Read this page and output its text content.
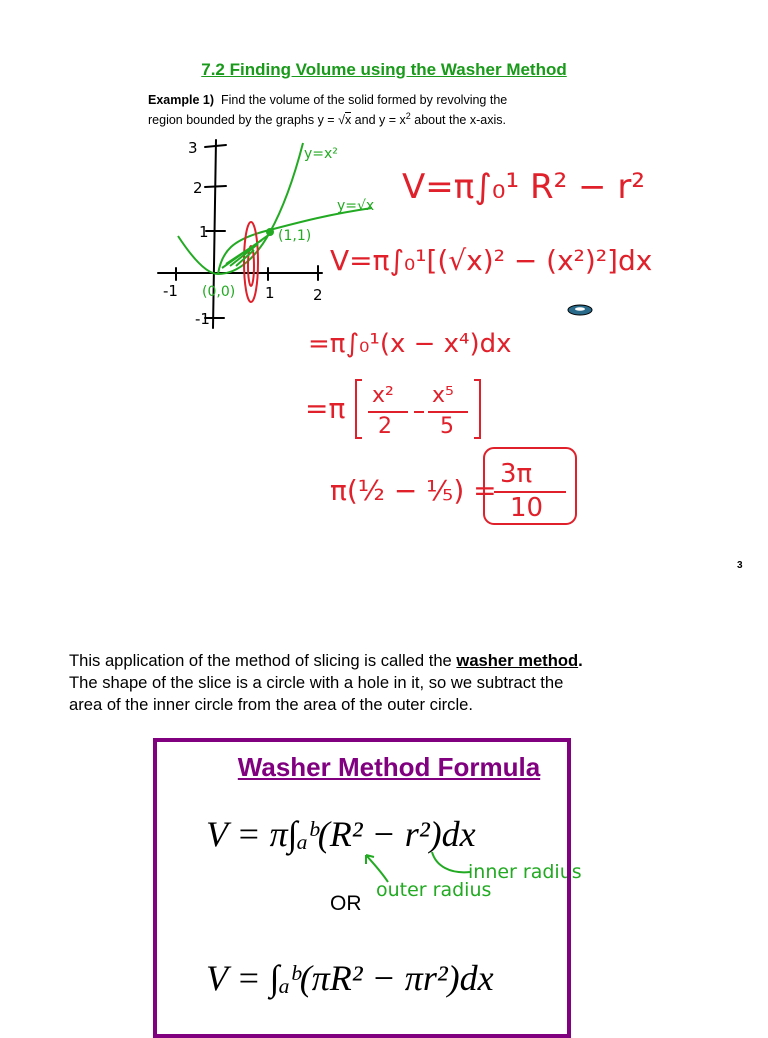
7.2 Finding Volume using the Washer Method
Example 1) Find the volume of the solid formed by revolving the
region bounded by the graphs y = √x and $y = x^2$ about the x-axis.
3
2
1
-1
-1	1	2
y=x²
y=√x
(1,1)
(0,0)
V=π∫₀¹ R² − r²
V=π∫₀¹[(√x)² − (x²)²]dx
=π∫₀¹(x − x⁴)dx
=π x²
2
x⁵
5
π(½ − ⅕) = 3π
10
V = π∫ₐᵇ(R² − r²)dx
V = ∫ₐᵇ(πR² − πr²)dx
outer radius
inner radius
3
This application of the method of slicing is called the washer method.
The shape of the slice is a circle with a hole in it, so we subtract the
area of the inner circle from the area of the outer circle.
Washer Method Formula
OR
